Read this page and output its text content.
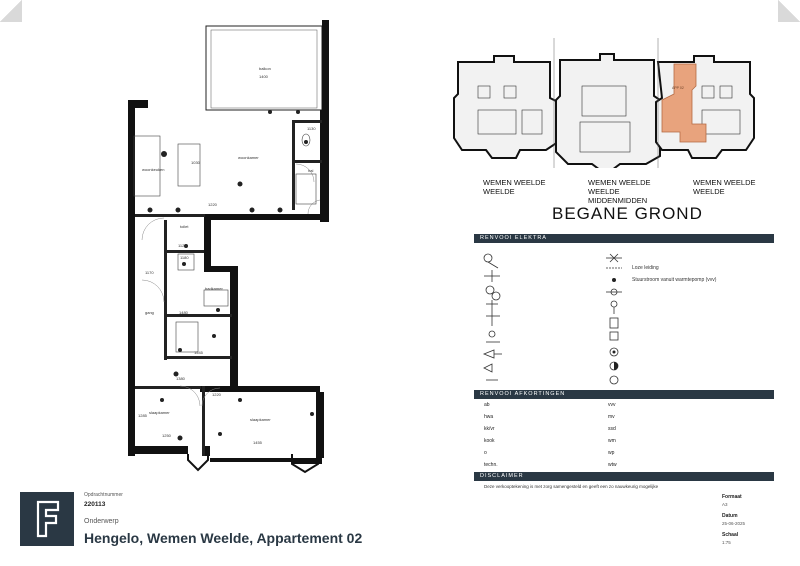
balkon
woonkamer
woonkeuken
toilet
hal
badkamer
gang
slaapkamer
slaapkamer
1400
1130
1030
1220
1125
1180
1170
1480
1545
1380
1220
1285
1455
1250
APP 02
WEMEN WEELDE
WEELDE
WEMEN WEELDE
WEELDE
MIDDENMIDDEN
WEMEN WEELDE
WEELDE
BEGANE GROND
RENVOOI ELEKTRA
Loze leiding
Stuurstroom vanuit warmtepomp (vvv)
RENVOOI AFKORTINGEN
ab
hwa
kk/vr
kook
o
techn.
vvv
mv
ssd
wm
wp
wtw
DISCLAIMER
Deze verkooptekening is met zorg samengesteld en geeft een zo nauwkeurig mogelijke
Formaat
A3
Datum
25-06-2025
Schaal
1:75
Opdrachtnummer
220113
Onderwerp
Hengelo, Wemen Weelde, Appartement 02
